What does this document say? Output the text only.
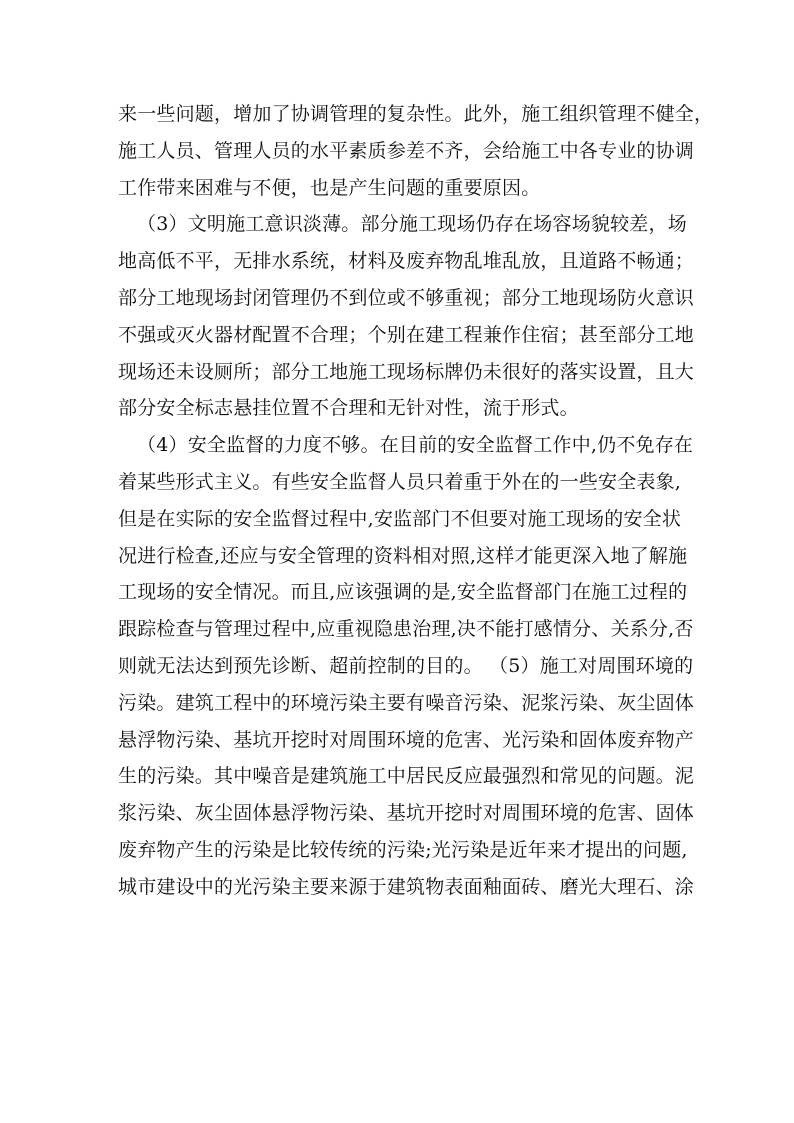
来一些问题，增加了协调管理的复杂性。此外，施工组织管理不健全，
施工人员、管理人员的水平素质参差不齐，会给施工中各专业的协调
工作带来困难与不便，也是产生问题的重要原因。
（3）文明施工意识淡薄。部分施工现场仍存在场容场貌较差，场
地高低不平，无排水系统，材料及废弃物乱堆乱放，且道路不畅通；
部分工地现场封闭管理仍不到位或不够重视；部分工地现场防火意识
不强或灭火器材配置不合理；个别在建工程兼作住宿；甚至部分工地
现场还未设厕所；部分工地施工现场标牌仍未很好的落实设置，且大
部分安全标志悬挂位置不合理和无针对性，流于形式。
（4）安全监督的力度不够。在目前的安全监督工作中,仍不免存在
着某些形式主义。有些安全监督人员只着重于外在的一些安全表象,
但是在实际的安全监督过程中,安监部门不但要对施工现场的安全状
况进行检查,还应与安全管理的资料相对照,这样才能更深入地了解施
工现场的安全情况。而且,应该强调的是,安全监督部门在施工过程的
跟踪检查与管理过程中,应重视隐患治理,决不能打感情分、关系分,否
则就无法达到预先诊断、超前控制的目的。 （5）施工对周围环境的
污染。建筑工程中的环境污染主要有噪音污染、泥浆污染、灰尘固体
悬浮物污染、基坑开挖时对周围环境的危害、光污染和固体废弃物产
生的污染。其中噪音是建筑施工中居民反应最强烈和常见的问题。泥
浆污染、灰尘固体悬浮物污染、基坑开挖时对周围环境的危害、固体
废弃物产生的污染是比较传统的污染;光污染是近年来才提出的问题,
城市建设中的光污染主要来源于建筑物表面釉面砖、磨光大理石、涂
